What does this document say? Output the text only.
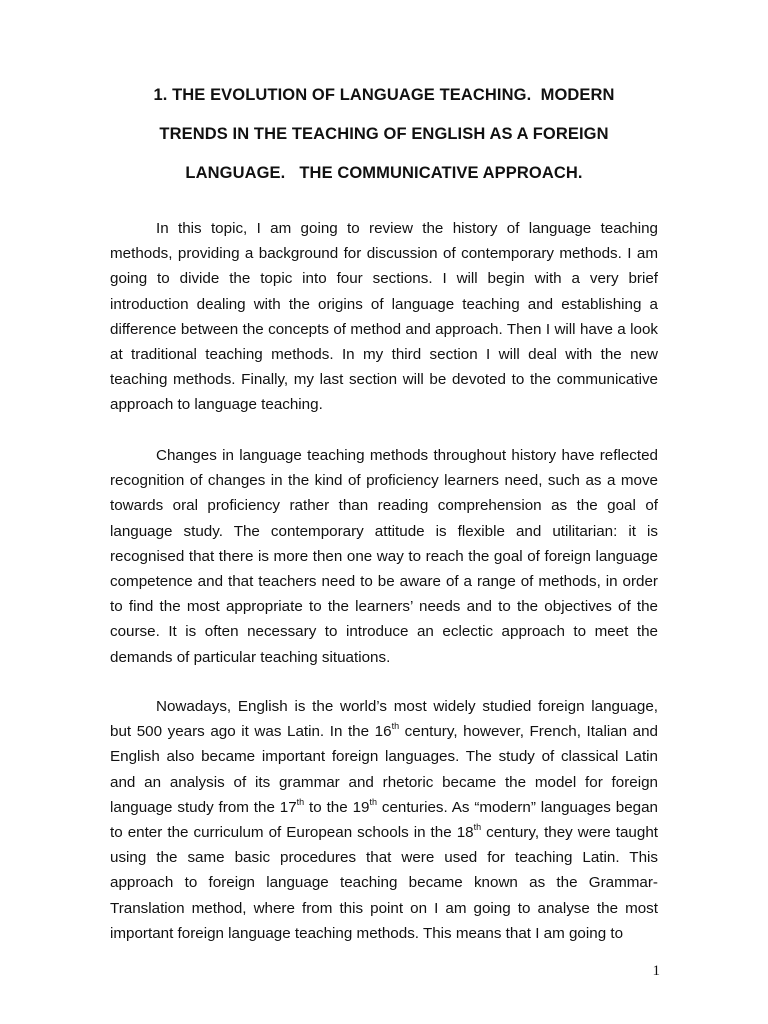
1. THE EVOLUTION OF LANGUAGE TEACHING.  MODERN
TRENDS IN THE TEACHING OF ENGLISH AS A FOREIGN
LANGUAGE.   THE COMMUNICATIVE APPROACH.
In this topic, I am going to review the history of language teaching methods, providing a background for discussion of contemporary methods. I am going to divide the topic into four sections. I will begin with a very brief introduction dealing with the origins of language teaching and establishing a difference between the concepts of method and approach. Then I will have a look at traditional teaching methods. In my third section I will deal with the new teaching methods. Finally, my last section will be devoted to the communicative approach to language teaching.
Changes in language teaching methods throughout history have reflected recognition of changes in the kind of proficiency learners need, such as a move towards oral proficiency rather than reading comprehension as the goal of language study. The contemporary attitude is flexible and utilitarian: it is recognised that there is more then one way to reach the goal of foreign language competence and that teachers need to be aware of a range of methods, in order to find the most appropriate to the learners’ needs and to the objectives of the course. It is often necessary to introduce an eclectic approach to meet the demands of particular teaching situations.
Nowadays, English is the world’s most widely studied foreign language, but 500 years ago it was Latin. In the 16th century, however, French, Italian and English also became important foreign languages. The study of classical Latin and an analysis of its grammar and rhetoric became the model for foreign language study from the 17th to the 19th centuries. As “modern” languages began to enter the curriculum of European schools in the 18th century, they were taught using the same basic procedures that were used for teaching Latin. This approach to foreign language teaching became known as the Grammar-Translation method, where from this point on I am going to analyse the most important foreign language teaching methods. This means that I am going to
1
